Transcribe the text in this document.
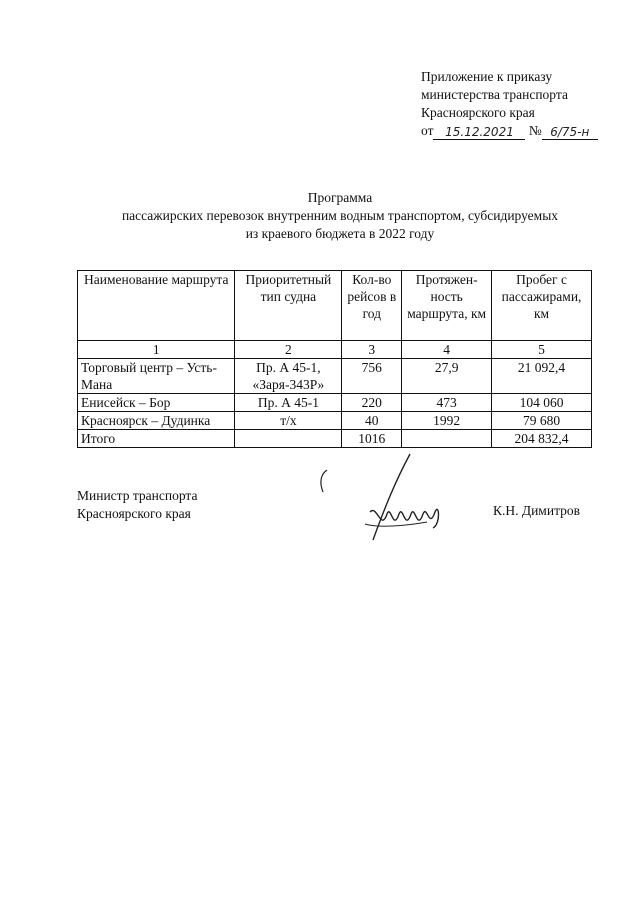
Приложение к приказу
министерства транспорта
Красноярского края
от 15.12.2021 № 6/75-н
Программа
пассажирских перевозок внутренним водным транспортом, субсидируемых
из краевого бюджета в 2022 году
Наименование маршрута	Приоритетный тип судна	Кол-во рейсов в год	Протяжен-ность маршрута, км	Пробег с пассажирами, км
1	2	3	4	5
Торговый центр – Усть-Мана	Пр. А 45-1, «Заря-343Р»	756	27,9	21 092,4
Енисейск – Бор	Пр. А 45-1	220	473	104 060
Красноярск – Дудинка	т/х	40	1992	79 680
Итого		1016		204 832,4
Министр транспорта
Красноярского края	К.Н. Димитров
